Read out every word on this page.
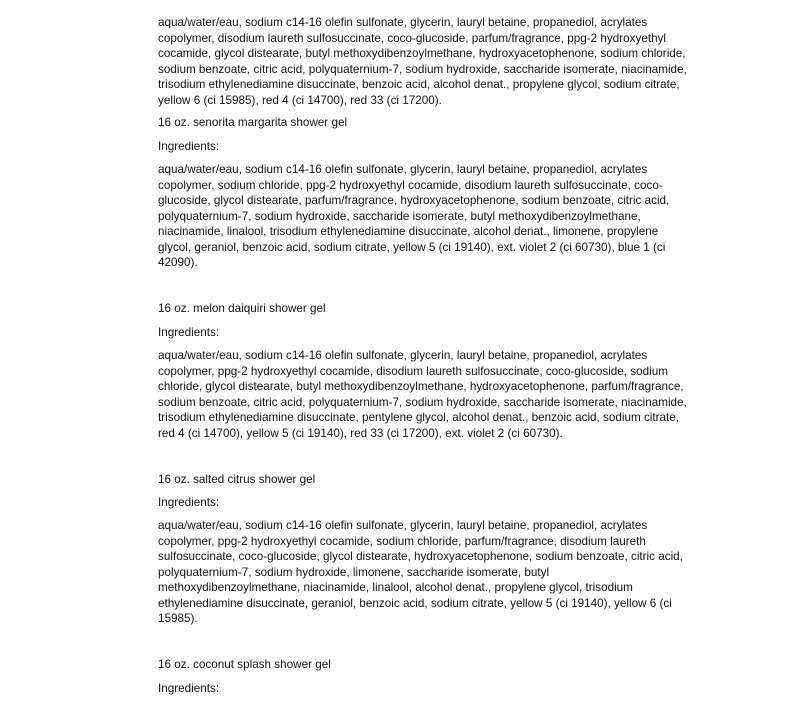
aqua/water/eau, sodium c14-16 olefin sulfonate, glycerin, lauryl betaine, propanediol, acrylates
copolymer, disodium laureth sulfosuccinate, coco-glucoside, parfum/fragrance, ppg-2 hydroxyethyl
cocamide, glycol distearate, butyl methoxydibenzoylmethane, hydroxyacetophenone, sodium chloride,
sodium benzoate, citric acid, polyquaternium-7, sodium hydroxide, saccharide isomerate, niacinamide,
trisodium ethylenediamine disuccinate, benzoic acid, alcohol denat., propylene glycol, sodium citrate,
yellow 6 (ci 15985), red 4 (ci 14700), red 33 (ci 17200).

16 oz. senorita margarita shower gel

Ingredients:

aqua/water/eau, sodium c14-16 olefin sulfonate, glycerin, lauryl betaine, propanediol, acrylates
copolymer, sodium chloride, ppg-2 hydroxyethyl cocamide, disodium laureth sulfosuccinate, coco-
glucoside, glycol distearate, parfum/fragrance, hydroxyacetophenone, sodium benzoate, citric acid,
polyquaternium-7, sodium hydroxide, saccharide isomerate, butyl methoxydibenzoylmethane,
niacinamide, linalool, trisodium ethylenediamine disuccinate, alcohol denat., limonene, propylene
glycol, geraniol, benzoic acid, sodium citrate, yellow 5 (ci 19140), ext. violet 2 (ci 60730), blue 1 (ci
42090).

16 oz. melon daiquiri shower gel

Ingredients:

aqua/water/eau, sodium c14-16 olefin sulfonate, glycerin, lauryl betaine, propanediol, acrylates
copolymer, ppg-2 hydroxyethyl cocamide, disodium laureth sulfosuccinate, coco-glucoside, sodium
chloride, glycol distearate, butyl methoxydibenzoylmethane, hydroxyacetophenone, parfum/fragrance,
sodium benzoate, citric acid, polyquaternium-7, sodium hydroxide, saccharide isomerate, niacinamide,
trisodium ethylenediamine disuccinate, pentylene glycol, alcohol denat., benzoic acid, sodium citrate,
red 4 (ci 14700), yellow 5 (ci 19140), red 33 (ci 17200), ext. violet 2 (ci 60730).

16 oz. salted citrus shower gel

Ingredients:

aqua/water/eau, sodium c14-16 olefin sulfonate, glycerin, lauryl betaine, propanediol, acrylates
copolymer, ppg-2 hydroxyethyl cocamide, sodium chloride, parfum/fragrance, disodium laureth
sulfosuccinate, coco-glucoside, glycol distearate, hydroxyacetophenone, sodium benzoate, citric acid,
polyquaternium-7, sodium hydroxide, limonene, saccharide isomerate, butyl
methoxydibenzoylmethane, niacinamide, linalool, alcohol denat., propylene glycol, trisodium
ethylenediamine disuccinate, geraniol, benzoic acid, sodium citrate, yellow 5 (ci 19140), yellow 6 (ci
15985).

16 oz. coconut splash shower gel

Ingredients:
